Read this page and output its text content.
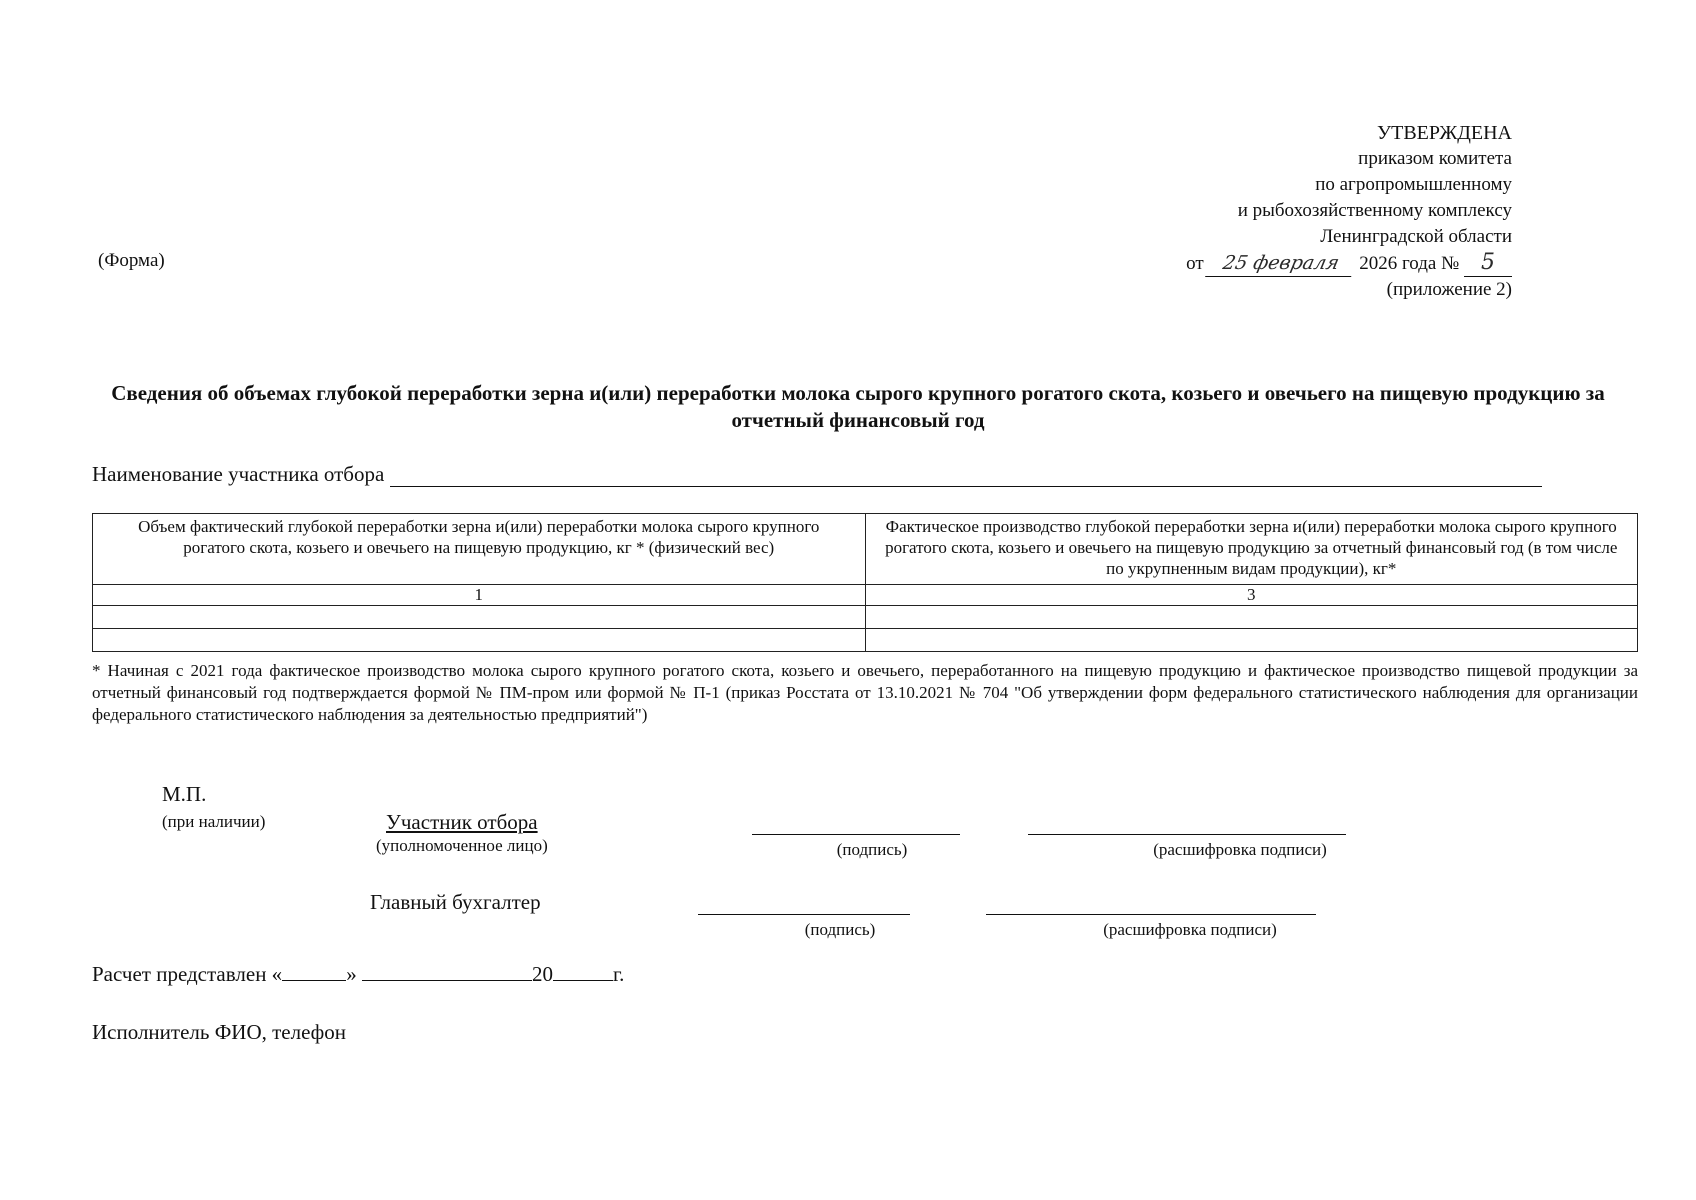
УТВЕРЖДЕНА
приказом комитета
по агропромышленному
и рыбохозяйственному комплексу
Ленинградской области
от 25 февраля 2026 года № 5
(приложение 2)
(Форма)
Сведения об объемах глубокой переработки зерна и(или) переработки молока сырого крупного рогатого скота, козьего и овечьего на пищевую продукцию за отчетный финансовый год
Наименование участника отбора
Объем фактический глубокой переработки зерна и(или) переработки молока сырого крупного рогатого скота, козьего и овечьего на пищевую продукцию, кг * (физический вес)	Фактическое производство глубокой переработки зерна и(или) переработки молока сырого крупного рогатого скота, козьего и овечьего на пищевую продукцию за отчетный финансовый год (в том числе по укрупненным видам продукции), кг*
1	3

* Начиная с 2021 года фактическое производство молока сырого крупного рогатого скота, козьего и овечьего, переработанного на пищевую продукцию и фактическое производство пищевой продукции за отчетный финансовый год подтверждается формой № ПМ-пром или формой № П-1 (приказ Росстата от 13.10.2021 № 704 "Об утверждении форм федерального статистического наблюдения для организации федерального статистического наблюдения за деятельностью предприятий")
М.П.
(при наличии)	Участник отбора
(уполномоченное лицо)	(подпись)	(расшифровка подписи)
Главный бухгалтер
(подпись)	(расшифровка подписи)
Расчет представлен «	»	20	г.
Исполнитель ФИО, телефон
